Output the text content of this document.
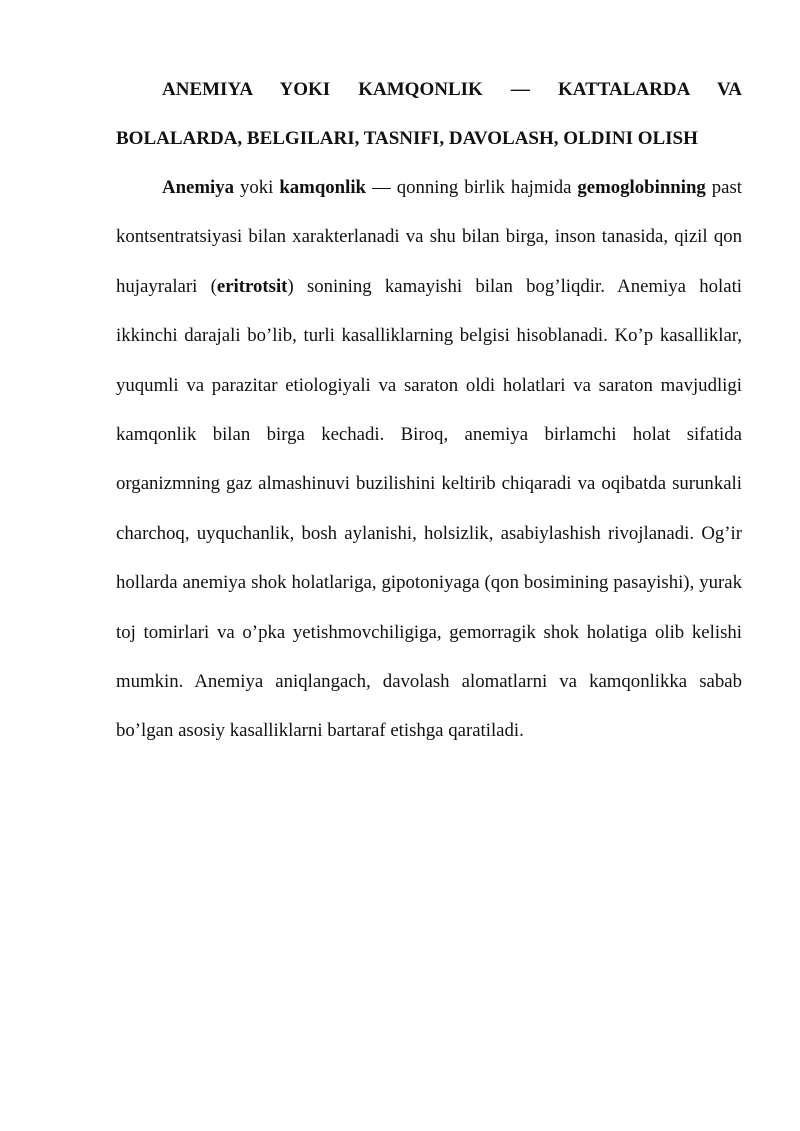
ANEMIYA YOKI KAMQONLIK — KATTALARDA VA BOLALARDA, BELGILARI, TASNIFI, DAVOLASH, OLDINI OLISH

Anemiya yoki kamqonlik — qonning birlik hajmida gemoglobinning past kontsentratsiyasi bilan xarakterlanadi va shu bilan birga, inson tanasida, qizil qon hujayralari (eritrotsit) sonining kamayishi bilan bog’liqdir. Anemiya holati ikkinchi darajali bo’lib, turli kasalliklarning belgisi hisoblanadi. Ko’p kasalliklar, yuqumli va parazitar etiologiyali va saraton oldi holatlari va saraton mavjudligi kamqonlik bilan birga kechadi. Biroq, anemiya birlamchi holat sifatida organizmning gaz almashinuvi buzilishini keltirib chiqaradi va oqibatda surunkali charchoq, uyquchanlik, bosh aylanishi, holsizlik, asabiylashish rivojlanadi. Og’ir hollarda anemiya shok holatlariga, gipotoniyaga (qon bosimining pasayishi), yurak toj tomirlari va o’pka yetishmovchiligiga, gemorragik shok holatiga olib kelishi mumkin. Anemiya aniqlangach, davolash alomatlarni va kamqonlikka sabab bo’lgan asosiy kasalliklarni bartaraf etishga qaratiladi.
